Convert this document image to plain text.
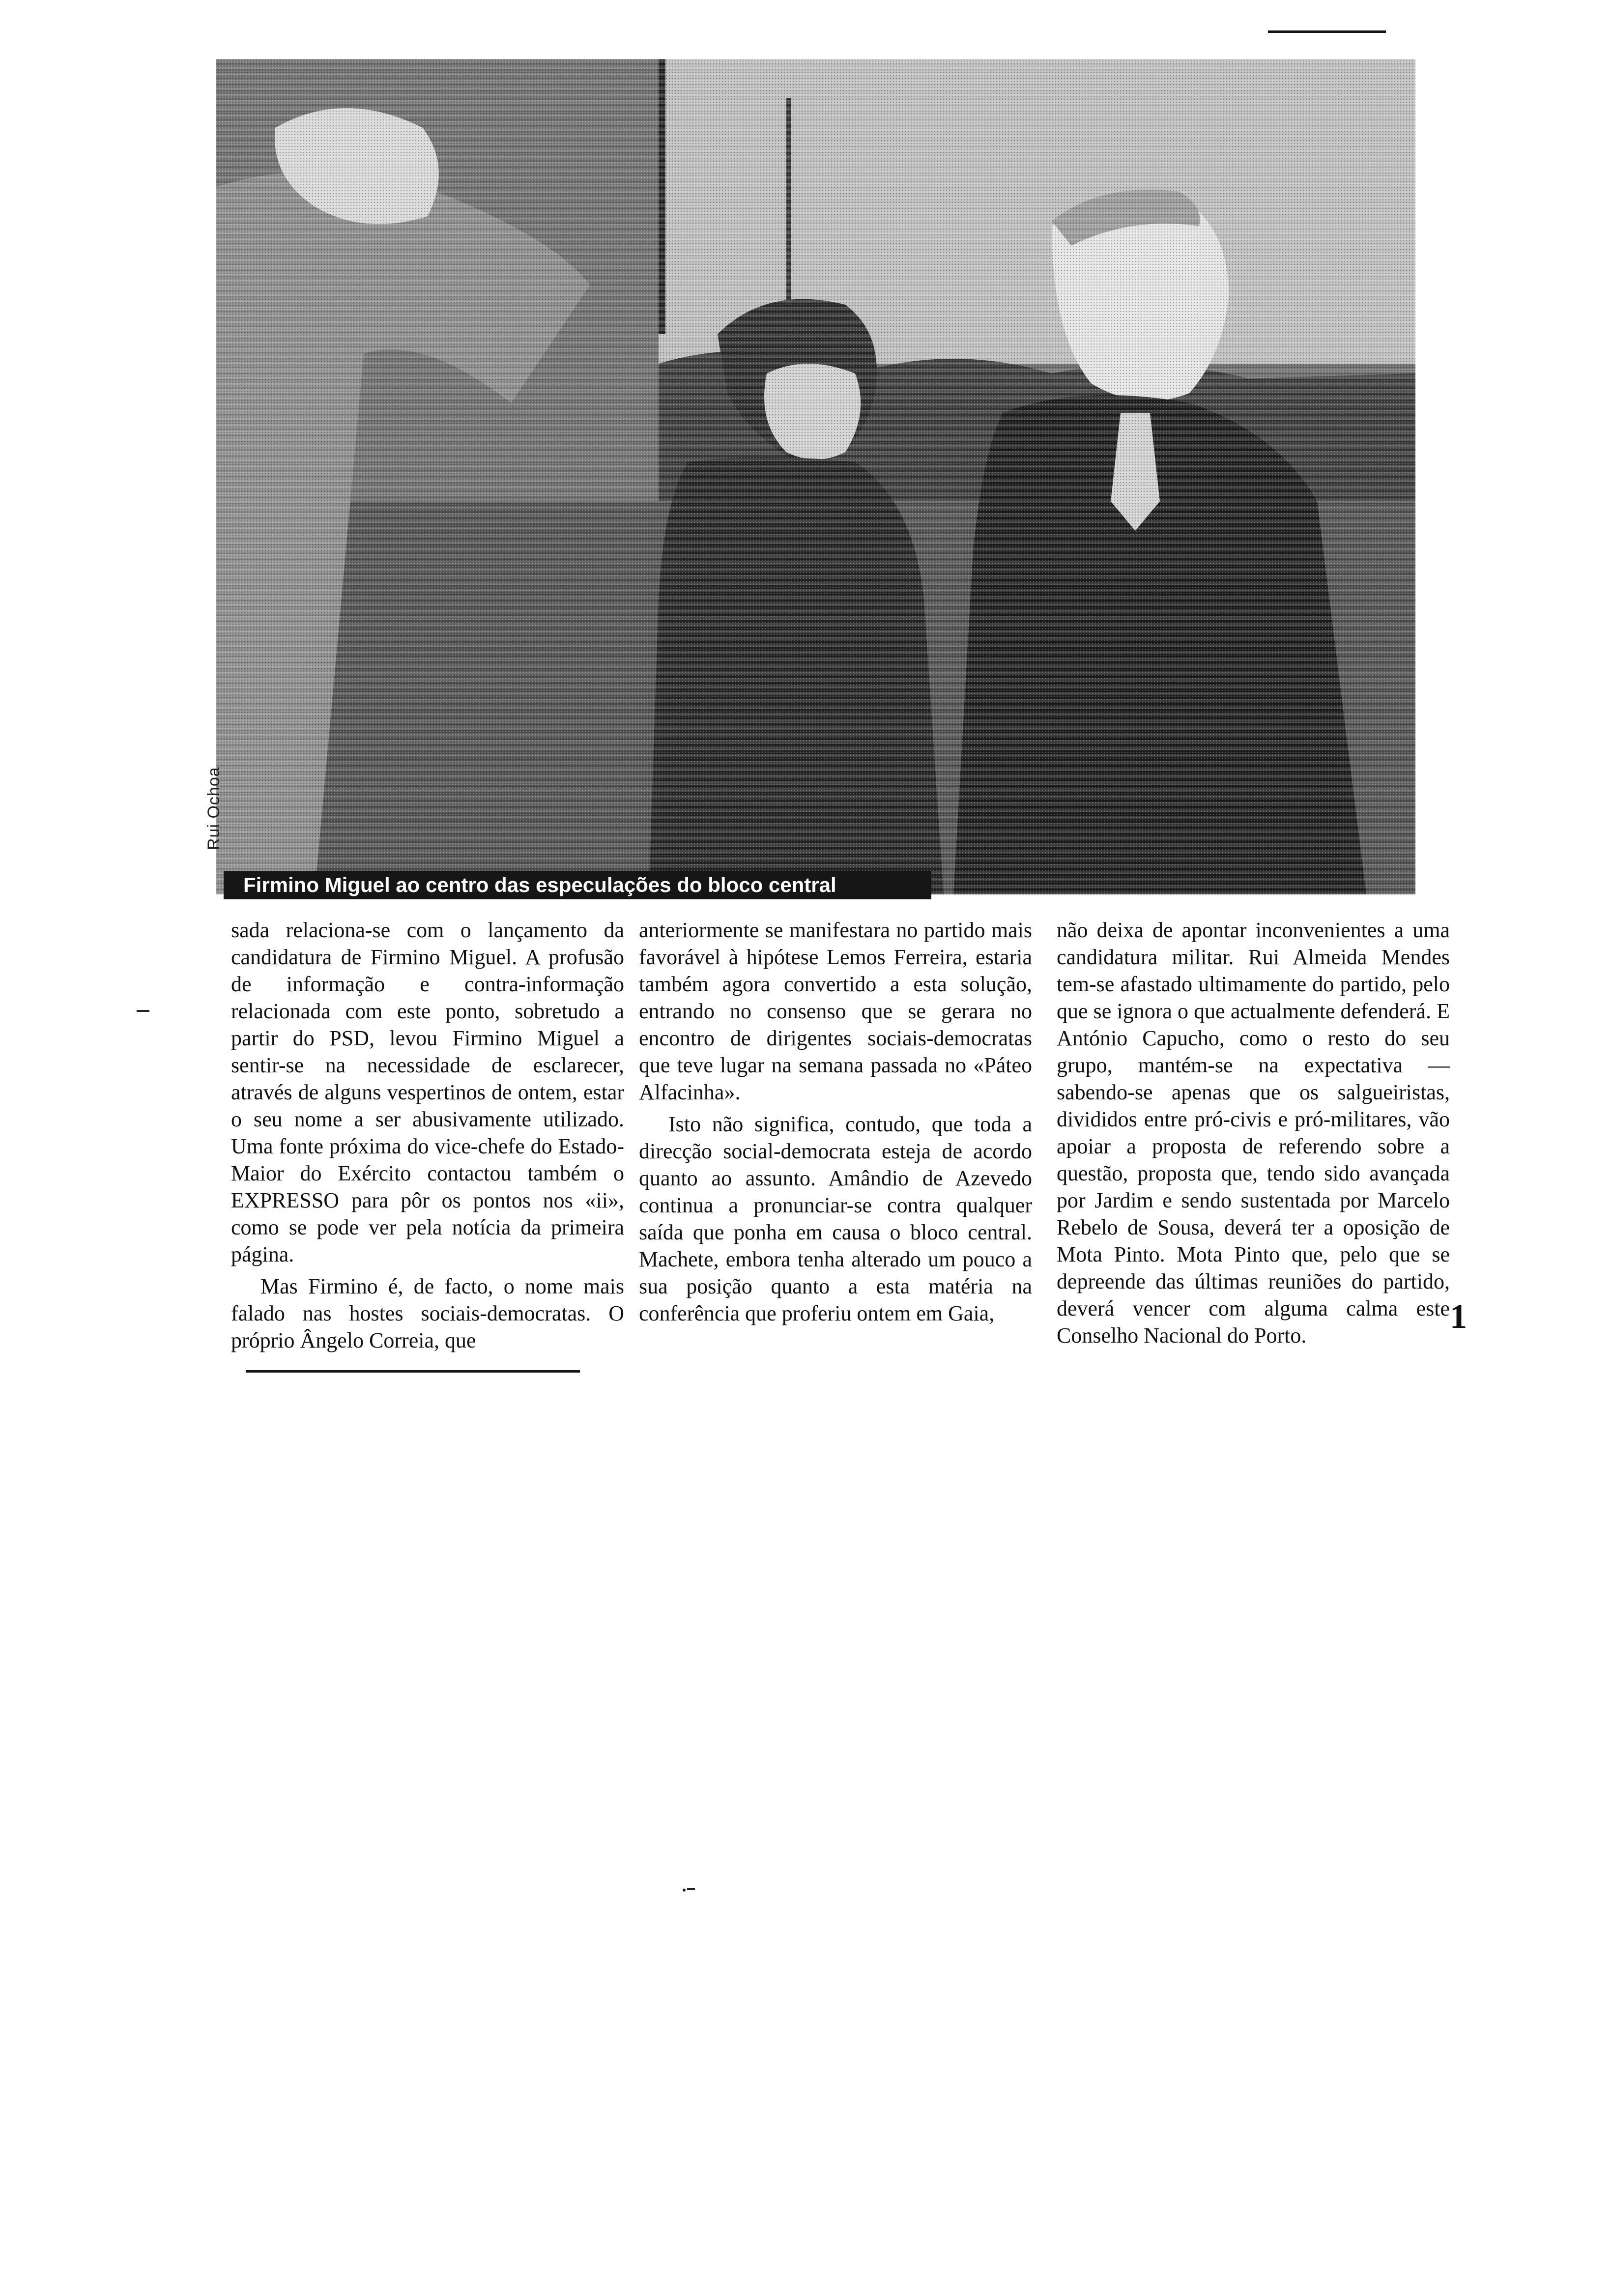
Rui Ochoa
Firmino Miguel ao centro das especulações do bloco central

sada relaciona-se com o lançamento da candidatura de Firmino Miguel. A profusão de informação e contra-informação relacionada com este ponto, sobretudo a partir do PSD, levou Firmino Miguel a sentir-se na necessidade de esclarecer, através de alguns vespertinos de ontem, estar o seu nome a ser abusivamente utilizado. Uma fonte próxima do vice-chefe do Estado-Maior do Exército contactou também o EXPRESSO para pôr os pontos nos «ii», como se pode ver pela notícia da primeira página.

Mas Firmino é, de facto, o nome mais falado nas hostes sociais-democratas. O próprio Ângelo Correia, que

anteriormente se manifestara no partido mais favorável à hipótese Lemos Ferreira, estaria também agora convertido a esta solução, entrando no consenso que se gerara no encontro de dirigentes sociais-democratas que teve lugar na semana passada no «Páteo Alfacinha».

Isto não significa, contudo, que toda a direcção social-democrata esteja de acordo quanto ao assunto. Amândio de Azevedo continua a pronunciar-se contra qualquer saída que ponha em causa o bloco central. Machete, embora tenha alterado um pouco a sua posição quanto a esta matéria na conferência que proferiu ontem em Gaia,

não deixa de apontar inconvenientes a uma candidatura militar. Rui Almeida Mendes tem-se afastado ultimamente do partido, pelo que se ignora o que actualmente defenderá. E António Capucho, como o resto do seu grupo, mantém-se na expectativa — sabendo-se apenas que os salgueiristas, divididos entre pró-civis e pró-militares, vão apoiar a proposta de referendo sobre a questão, proposta que, tendo sido avançada por Jardim e sendo sustentada por Marcelo Rebelo de Sousa, deverá ter a oposição de Mota Pinto. Mota Pinto que, pelo que se depreende das últimas reuniões do partido, deverá vencer com alguma calma este Conselho Nacional do Porto.	1
